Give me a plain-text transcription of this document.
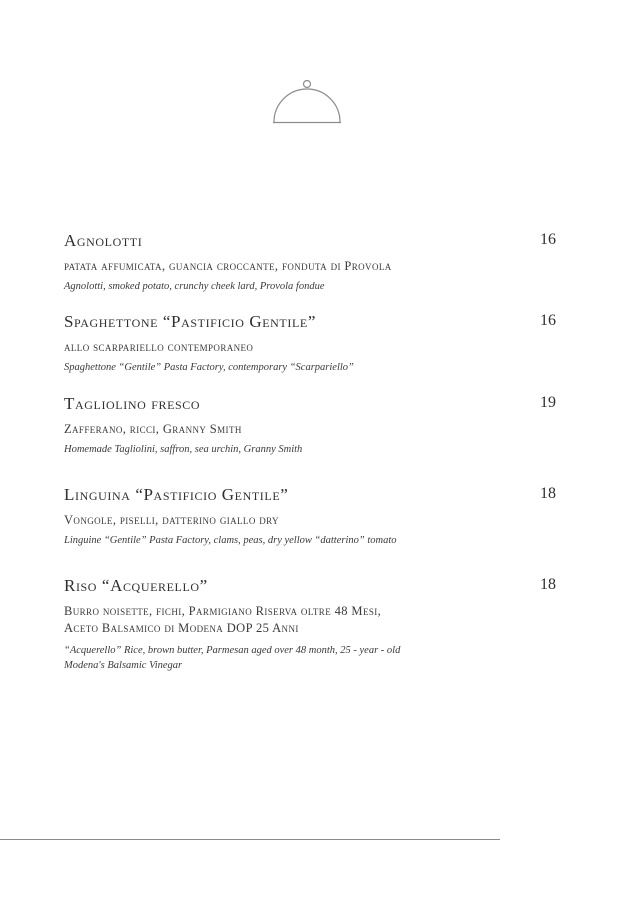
Agnolotti	16
patata affumicata, guancia croccante, fonduta di Provola
Agnolotti, smoked potato, crunchy cheek lard, Provola fondue
Spaghettone “Pastificio Gentile”	16
allo scarpariello contemporaneo
Spaghettone “Gentile” Pasta Factory, contemporary “Scarpariello”
Tagliolino fresco	19
Zafferano, ricci, Granny Smith
Homemade Tagliolini, saffron, sea urchin, Granny Smith
Linguina “Pastificio Gentile”	18
Vongole, piselli, datterino giallo dry
Linguine “Gentile” Pasta Factory, clams, peas, dry yellow “datterino” tomato
Riso “Acquerello”	18
Burro noisette, fichi, Parmigiano Riserva oltre 48 Mesi,
Aceto Balsamico di Modena DOP 25 Anni
“Acquerello” Rice, brown butter, Parmesan aged over 48 month, 25 - year - old
Modena's Balsamic Vinegar
